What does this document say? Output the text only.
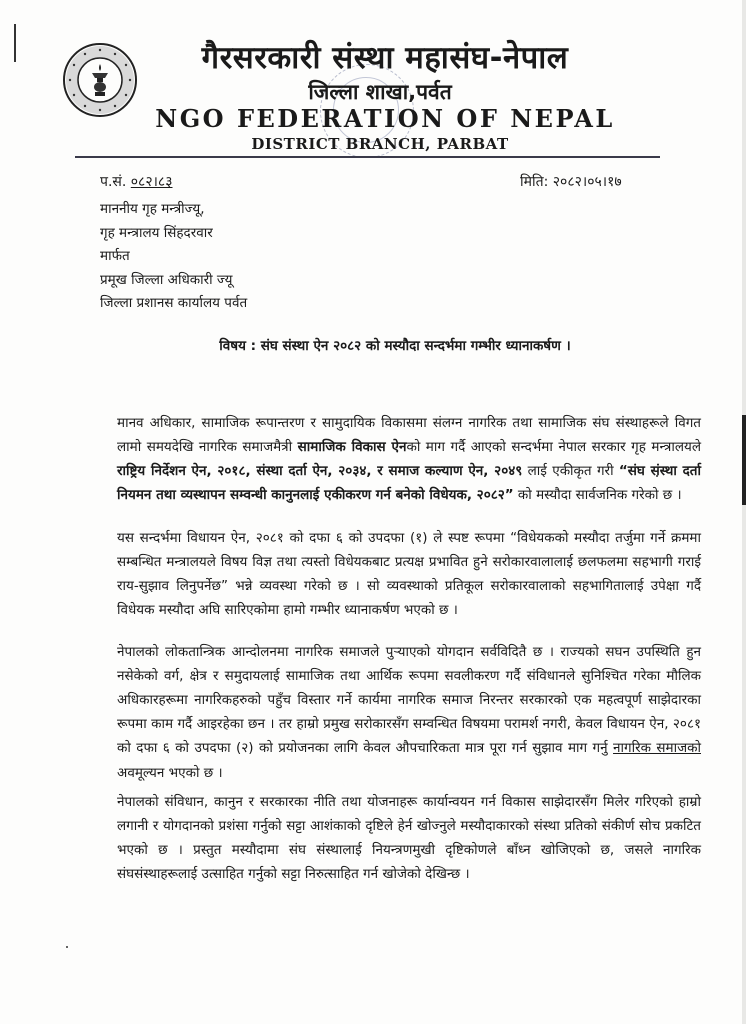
गैरसरकारी संस्था महासंघ-नेपाल
जिल्ला शाखा,पर्वत
NGO FEDERATION OF NEPAL
DISTRICT BRANCH, PARBAT
प.सं. ०८२।८३	मिति: २०८२।०५।१७
माननीय गृह मन्त्रीज्यू,
गृह मन्त्रालय सिंहदरवार
मार्फत
प्रमूख जिल्ला अधिकारी ज्यू
जिल्ला प्रशानस कार्यालय पर्वत
विषय : संघ संस्था ऐन २०८२ को मस्यौदा सन्दर्भमा गम्भीर ध्यानाकर्षण ।

मानव अधिकार, सामाजिक रूपान्तरण र सामुदायिक विकासमा संलग्न नागरिक तथा सामाजिक संघ संस्थाहरूले विगत लामो समयदेखि नागरिक समाजमैत्री सामाजिक विकास ऐनको माग गर्दै आएको सन्दर्भमा नेपाल सरकार गृह मन्त्रालयले राष्ट्रिय निर्देशन ऐन, २०१८, संस्था दर्ता ऐन, २०३४, र समाज कल्याण ऐन, २०४९ लाई एकीकृत गरी “संघ संस्था दर्ता नियमन तथा व्यस्थापन सम्वन्धी कानुनलाई एकीकरण गर्न बनेको विधेयक, २०८२” को मस्यौदा सार्वजनिक गरेको छ ।

यस सन्दर्भमा विधायन ऐन, २०८१ को दफा ६ को उपदफा (१) ले स्पष्ट रूपमा “विधेयकको मस्यौदा तर्जुमा गर्ने क्रममा सम्बन्धित मन्त्रालयले विषय विज्ञ तथा त्यस्तो विधेयकबाट प्रत्यक्ष प्रभावित हुने सरोकारवालालाई छलफलमा सहभागी गराई राय-सुझाव लिनुपर्नेछ” भन्ने व्यवस्था गरेको छ । सो व्यवस्थाको प्रतिकूल सरोकारवालाको सहभागितालाई उपेक्षा गर्दै विधेयक मस्यौदा अघि सारिएकोमा हामो गम्भीर ध्यानाकर्षण भएको छ ।

नेपालको लोकतान्त्रिक आन्दोलनमा नागरिक समाजले पुर्‍याएको योगदान सर्वविदितै छ । राज्यको सघन उपस्थिति हुन नसेकेको वर्ग, क्षेत्र र समुदायलाई सामाजिक तथा आर्थिक रूपमा सवलीकरण गर्दै संविधानले सुनिश्चित गरेका मौलिक अधिकारहरूमा नागरिकहरुको पहुँच विस्तार गर्ने कार्यमा नागरिक समाज निरन्तर सरकारको एक महत्वपूर्ण साझेदारका रूपमा काम गर्दै आइरहेका छन । तर हाम्रो प्रमुख सरोकारसँग सम्वन्धित विषयमा परामर्श नगरी, केवल विधायन ऐन, २०८१ को दफा ६ को उपदफा (२) को प्रयोजनका लागि केवल औपचारिकता मात्र पूरा गर्न सुझाव माग गर्नु नागरिक समाजको अवमूल्यन भएको छ ।

नेपालको संविधान, कानुन र सरकारका नीति तथा योजनाहरू कार्यान्वयन गर्न विकास साझेदारसँग मिलेर गरिएको हाम्रो लगानी र योगदानको प्रशंसा गर्नुको सट्टा आशंकाको दृष्टिले हेर्न खोज्नुले मस्यौदाकारको संस्था प्रतिको संकीर्ण सोच प्रकटित भएको छ । प्रस्तुत मस्यौदामा संघ संस्थालाई नियन्त्रणमुखी दृष्टिकोणले बाँध्न खोजिएको छ, जसले नागरिक संघसंस्थाहरूलाई उत्साहित गर्नुको सट्टा निरुत्साहित गर्न खोजेको देखिन्छ ।
